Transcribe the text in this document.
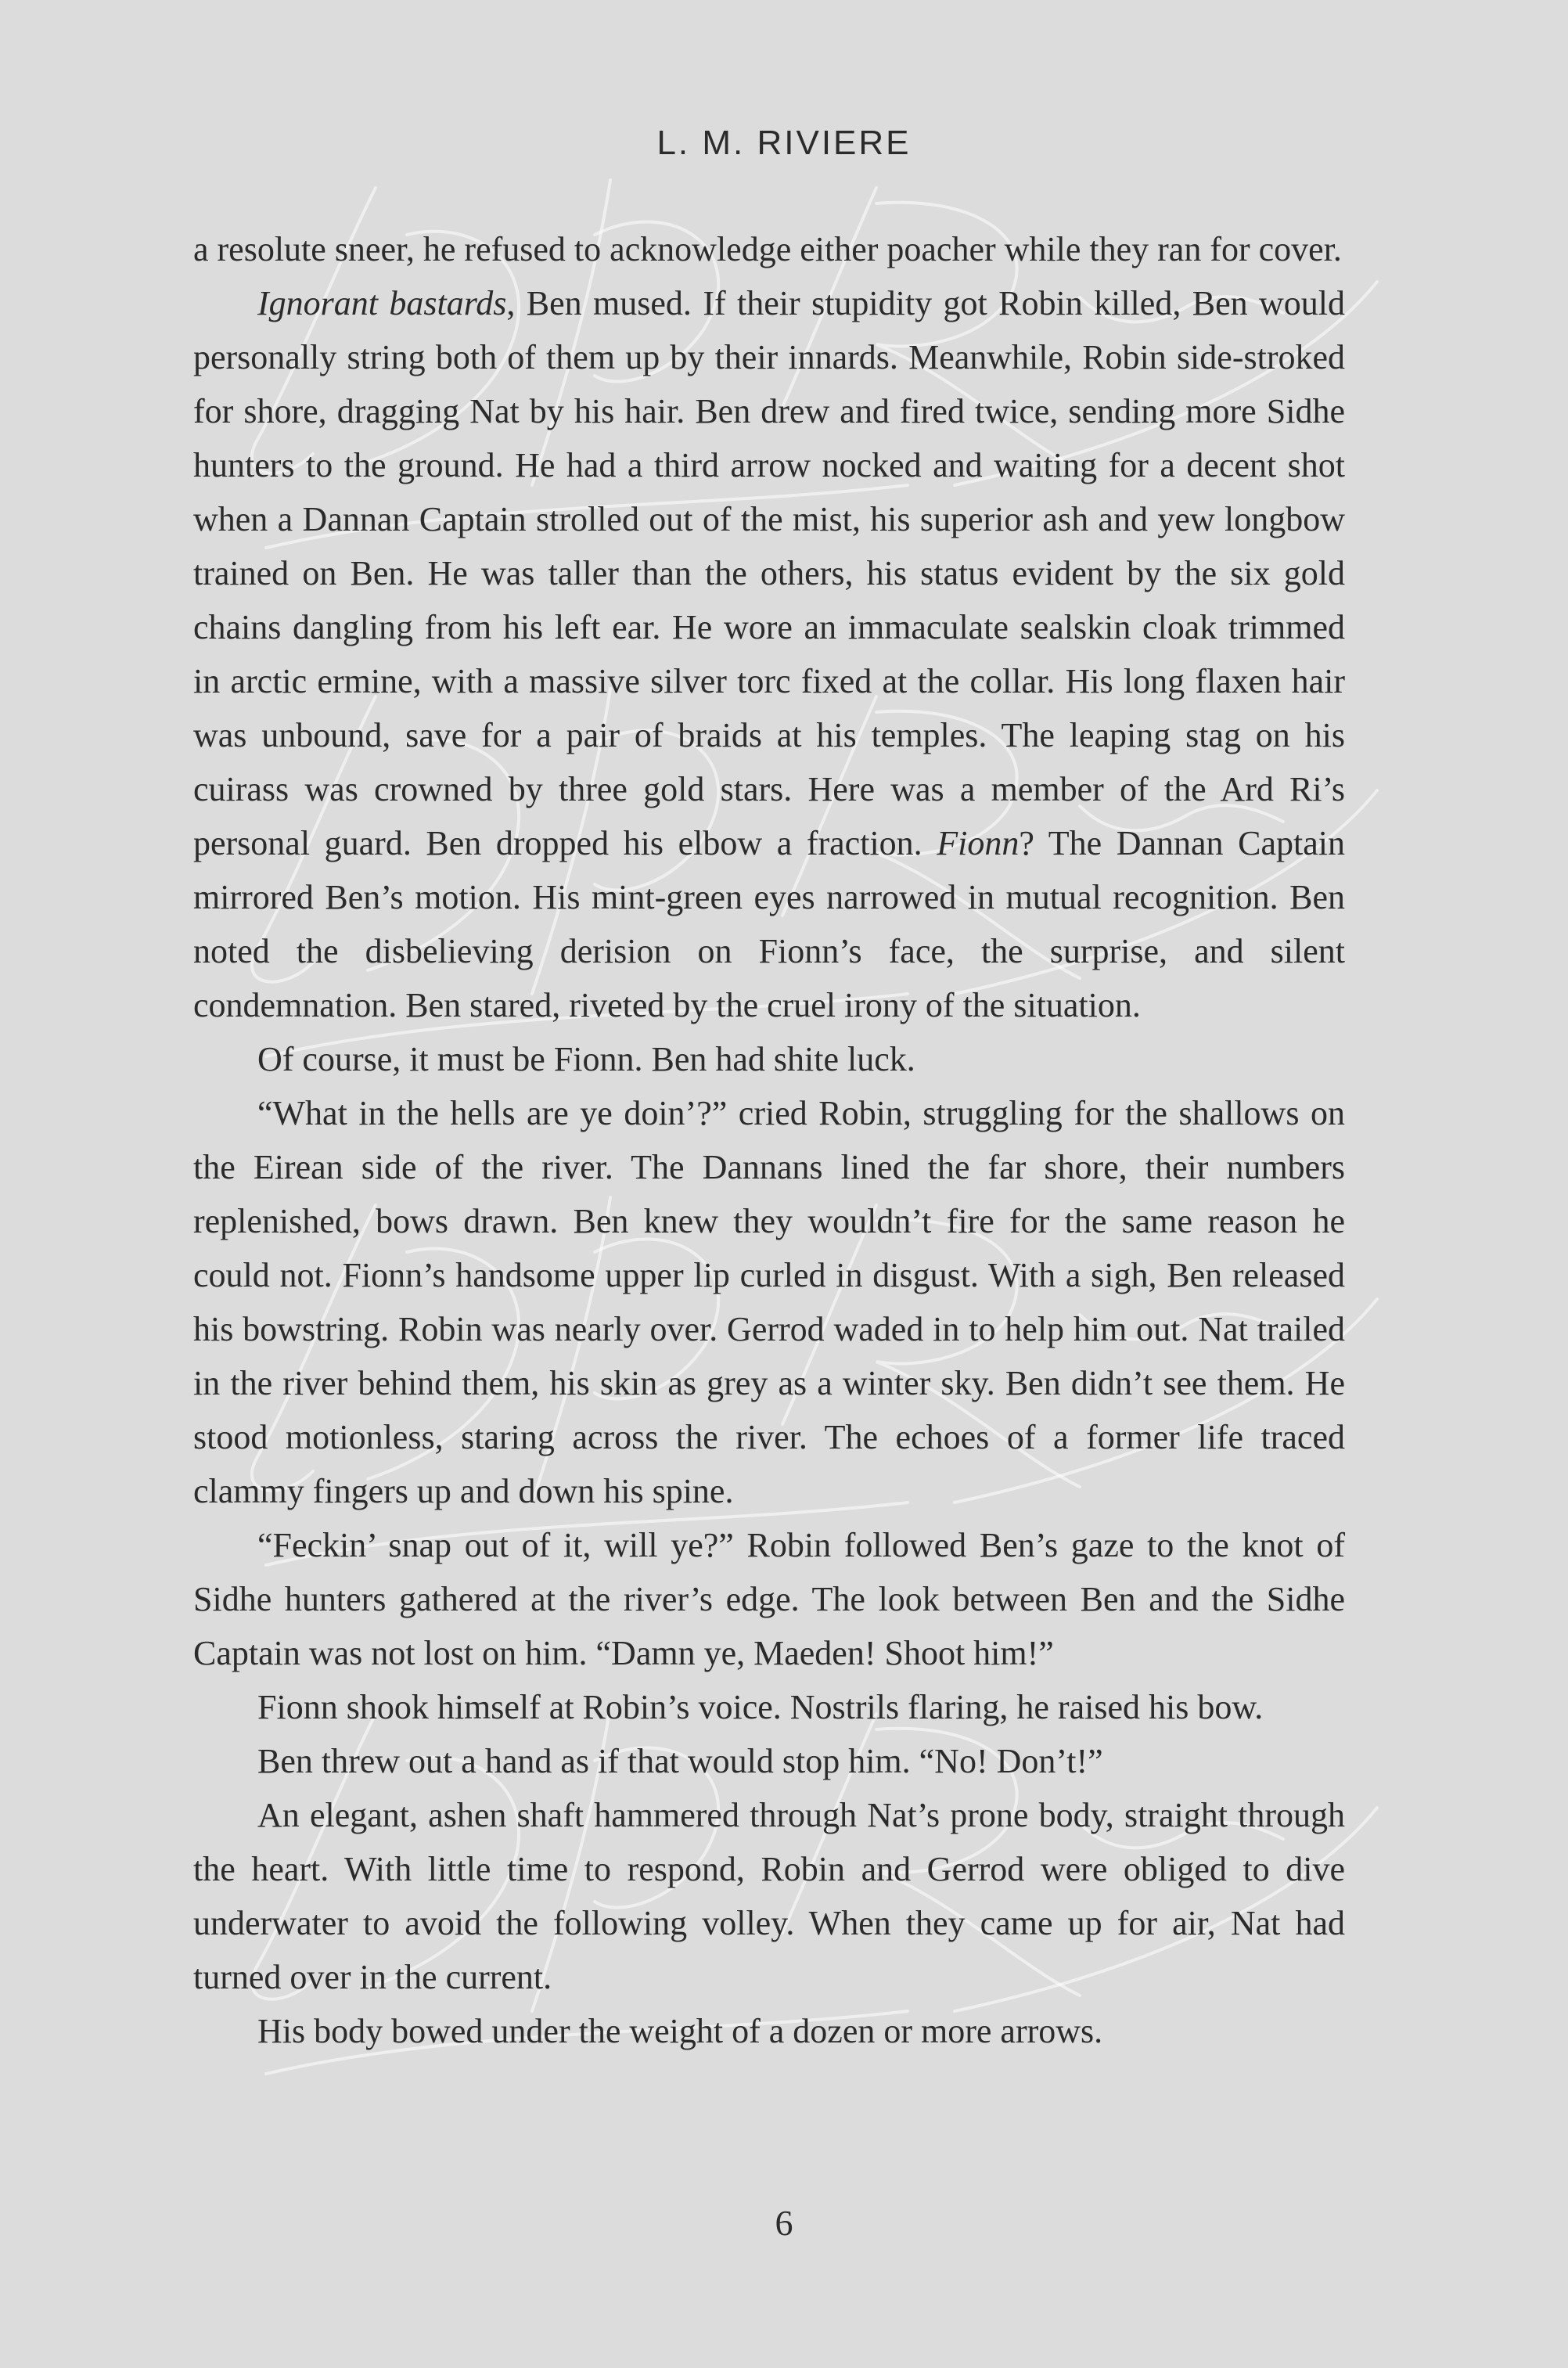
L. M. RIVIERE

a resolute sneer, he refused to acknowledge either poacher while they ran for cover.

Ignorant bastards, Ben mused. If their stupidity got Robin killed, Ben would personally string both of them up by their innards. Meanwhile, Robin side-stroked for shore, dragging Nat by his hair. Ben drew and fired twice, sending more Sidhe hunters to the ground. He had a third arrow nocked and waiting for a decent shot when a Dannan Captain strolled out of the mist, his superior ash and yew longbow trained on Ben. He was taller than the others, his status evident by the six gold chains dangling from his left ear. He wore an immaculate sealskin cloak trimmed in arctic ermine, with a massive silver torc fixed at the collar. His long flaxen hair was unbound, save for a pair of braids at his temples. The leaping stag on his cuirass was crowned by three gold stars. Here was a member of the Ard Ri’s personal guard. Ben dropped his elbow a fraction. Fionn? The Dannan Captain mirrored Ben’s motion. His mint-green eyes narrowed in mutual recognition. Ben noted the disbelieving derision on Fionn’s face, the surprise, and silent condemnation. Ben stared, riveted by the cruel irony of the situation.

Of course, it must be Fionn. Ben had shite luck.

“What in the hells are ye doin’?” cried Robin, struggling for the shallows on the Eirean side of the river. The Dannans lined the far shore, their numbers replenished, bows drawn. Ben knew they wouldn’t fire for the same reason he could not. Fionn’s handsome upper lip curled in disgust. With a sigh, Ben released his bowstring. Robin was nearly over. Gerrod waded in to help him out. Nat trailed in the river behind them, his skin as grey as a winter sky. Ben didn’t see them. He stood motionless, staring across the river. The echoes of a former life traced clammy fingers up and down his spine.

“Feckin’ snap out of it, will ye?” Robin followed Ben’s gaze to the knot of Sidhe hunters gathered at the river’s edge. The look between Ben and the Sidhe Captain was not lost on him. “Damn ye, Maeden! Shoot him!”

Fionn shook himself at Robin’s voice. Nostrils flaring, he raised his bow.

Ben threw out a hand as if that would stop him. “No! Don’t!”

An elegant, ashen shaft hammered through Nat’s prone body, straight through the heart. With little time to respond, Robin and Gerrod were obliged to dive underwater to avoid the following volley. When they came up for air, Nat had turned over in the current.

His body bowed under the weight of a dozen or more arrows.

6
